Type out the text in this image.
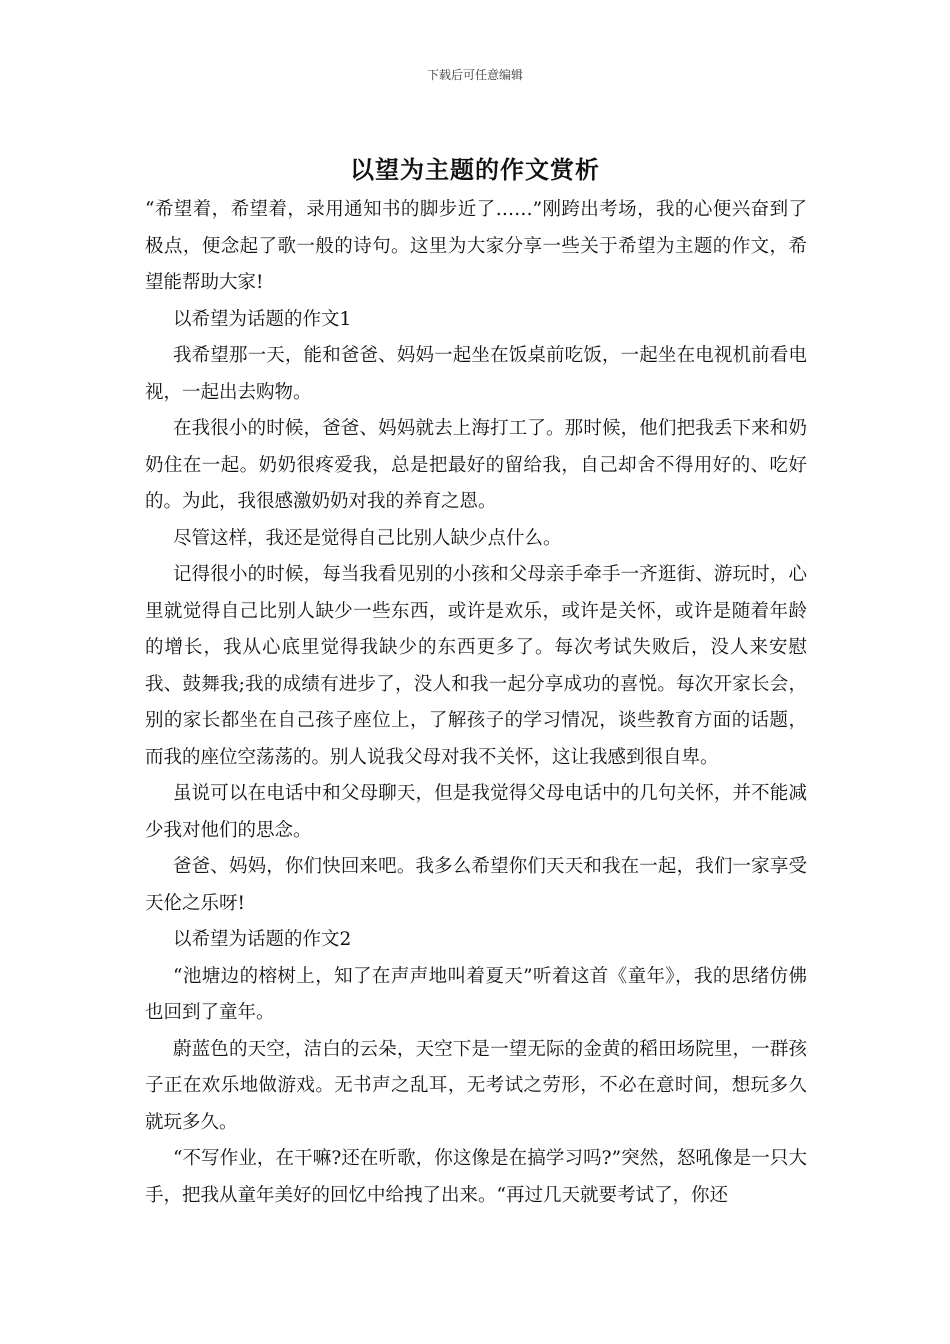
下载后可任意编辑
以望为主题的作文赏析

“希望着，希望着，录用通知书的脚步近了……”刚跨出考场，我的心便兴奋到了极点，便念起了歌一般的诗句。这里为大家分享一些关于希望为主题的作文，希望能帮助大家!

以希望为话题的作文1

我希望那一天，能和爸爸、妈妈一起坐在饭桌前吃饭，一起坐在电视机前看电视，一起出去购物。

在我很小的时候，爸爸、妈妈就去上海打工了。那时候，他们把我丢下来和奶奶住在一起。奶奶很疼爱我，总是把最好的留给我，自己却舍不得用好的、吃好的。为此，我很感激奶奶对我的养育之恩。

尽管这样，我还是觉得自己比别人缺少点什么。

记得很小的时候，每当我看见别的小孩和父母亲手牵手一齐逛街、游玩时，心里就觉得自己比别人缺少一些东西，或许是欢乐，或许是关怀，或许是随着年龄的增长，我从心底里觉得我缺少的东西更多了。每次考试失败后，没人来安慰我、鼓舞我;我的成绩有进步了，没人和我一起分享成功的喜悦。每次开家长会，别的家长都坐在自己孩子座位上，了解孩子的学习情况，谈些教育方面的话题，而我的座位空荡荡的。别人说我父母对我不关怀，这让我感到很自卑。

虽说可以在电话中和父母聊天，但是我觉得父母电话中的几句关怀，并不能减少我对他们的思念。

爸爸、妈妈，你们快回来吧。我多么希望你们天天和我在一起，我们一家享受天伦之乐呀!

以希望为话题的作文2

“池塘边的榕树上，知了在声声地叫着夏天”听着这首《童年》，我的思绪仿佛也回到了童年。

蔚蓝色的天空，洁白的云朵，天空下是一望无际的金黄的稻田场院里，一群孩子正在欢乐地做游戏。无书声之乱耳，无考试之劳形，不必在意时间，想玩多久就玩多久。

“不写作业，在干嘛?还在听歌，你这像是在搞学习吗?”突然，怒吼像是一只大手，把我从童年美好的回忆中给拽了出来。“再过几天就要考试了，你还
